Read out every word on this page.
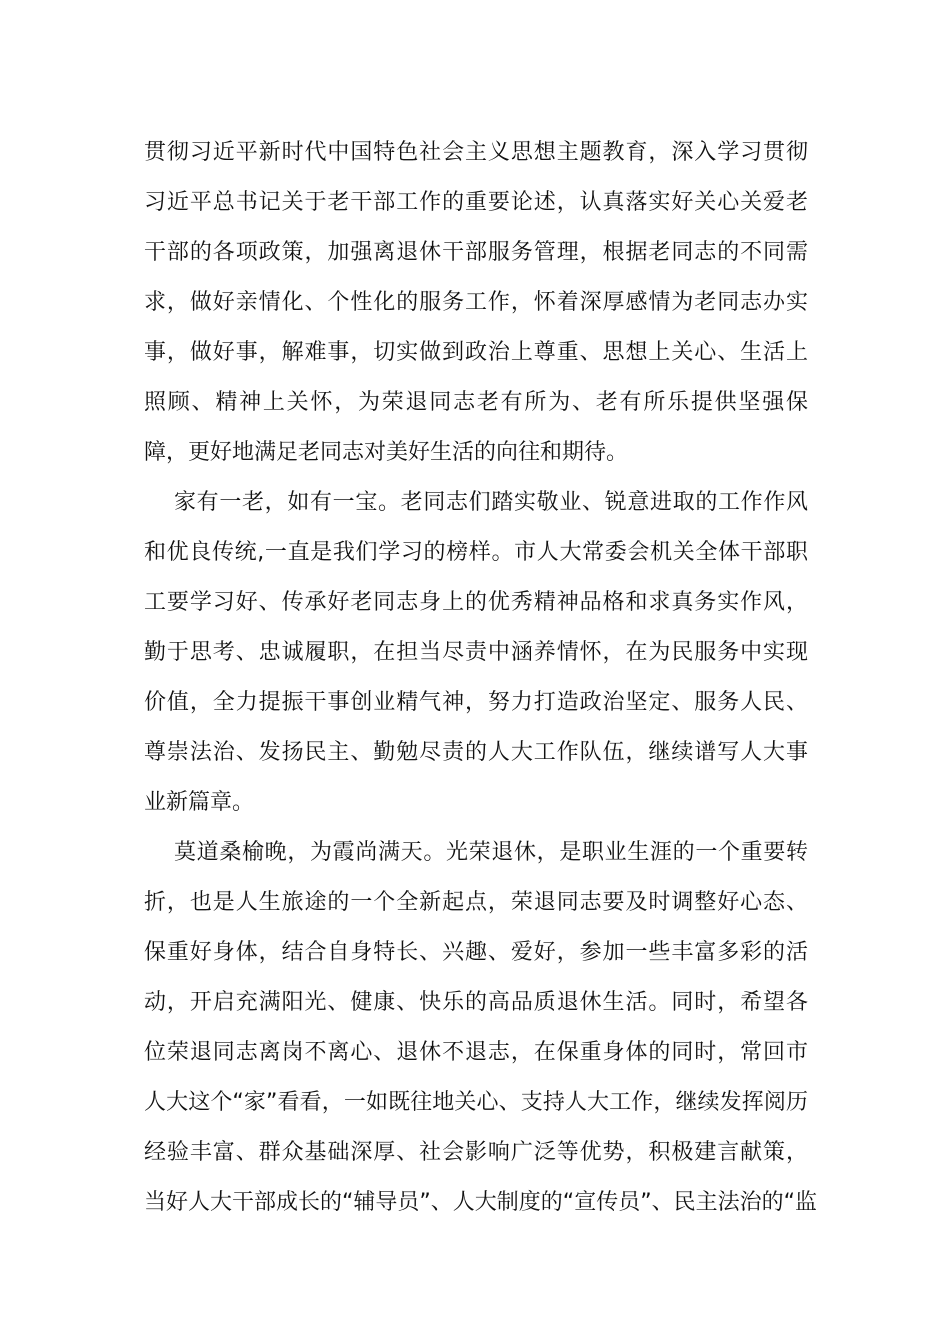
贯彻习近平新时代中国特色社会主义思想主题教育，深入学习贯彻
习近平总书记关于老干部工作的重要论述，认真落实好关心关爱老
干部的各项政策，加强离退休干部服务管理，根据老同志的不同需
求，做好亲情化、个性化的服务工作，怀着深厚感情为老同志办实
事，做好事，解难事，切实做到政治上尊重、思想上关心、生活上
照顾、精神上关怀，为荣退同志老有所为、老有所乐提供坚强保
障，更好地满足老同志对美好生活的向往和期待。
家有一老，如有一宝。老同志们踏实敬业、锐意进取的工作作风
和优良传统,一直是我们学习的榜样。市人大常委会机关全体干部职
工要学习好、传承好老同志身上的优秀精神品格和求真务实作风，
勤于思考、忠诚履职，在担当尽责中涵养情怀，在为民服务中实现
价值，全力提振干事创业精气神，努力打造政治坚定、服务人民、
尊崇法治、发扬民主、勤勉尽责的人大工作队伍，继续谱写人大事
业新篇章。
莫道桑榆晚，为霞尚满天。光荣退休，是职业生涯的一个重要转
折，也是人生旅途的一个全新起点，荣退同志要及时调整好心态、
保重好身体，结合自身特长、兴趣、爱好，参加一些丰富多彩的活
动，开启充满阳光、健康、快乐的高品质退休生活。同时，希望各
位荣退同志离岗不离心、退休不退志，在保重身体的同时，常回市
人大这个“家”看看，一如既往地关心、支持人大工作，继续发挥阅历
经验丰富、群众基础深厚、社会影响广泛等优势，积极建言献策，
当好人大干部成长的“辅导员”、人大制度的“宣传员”、民主法治的“监
